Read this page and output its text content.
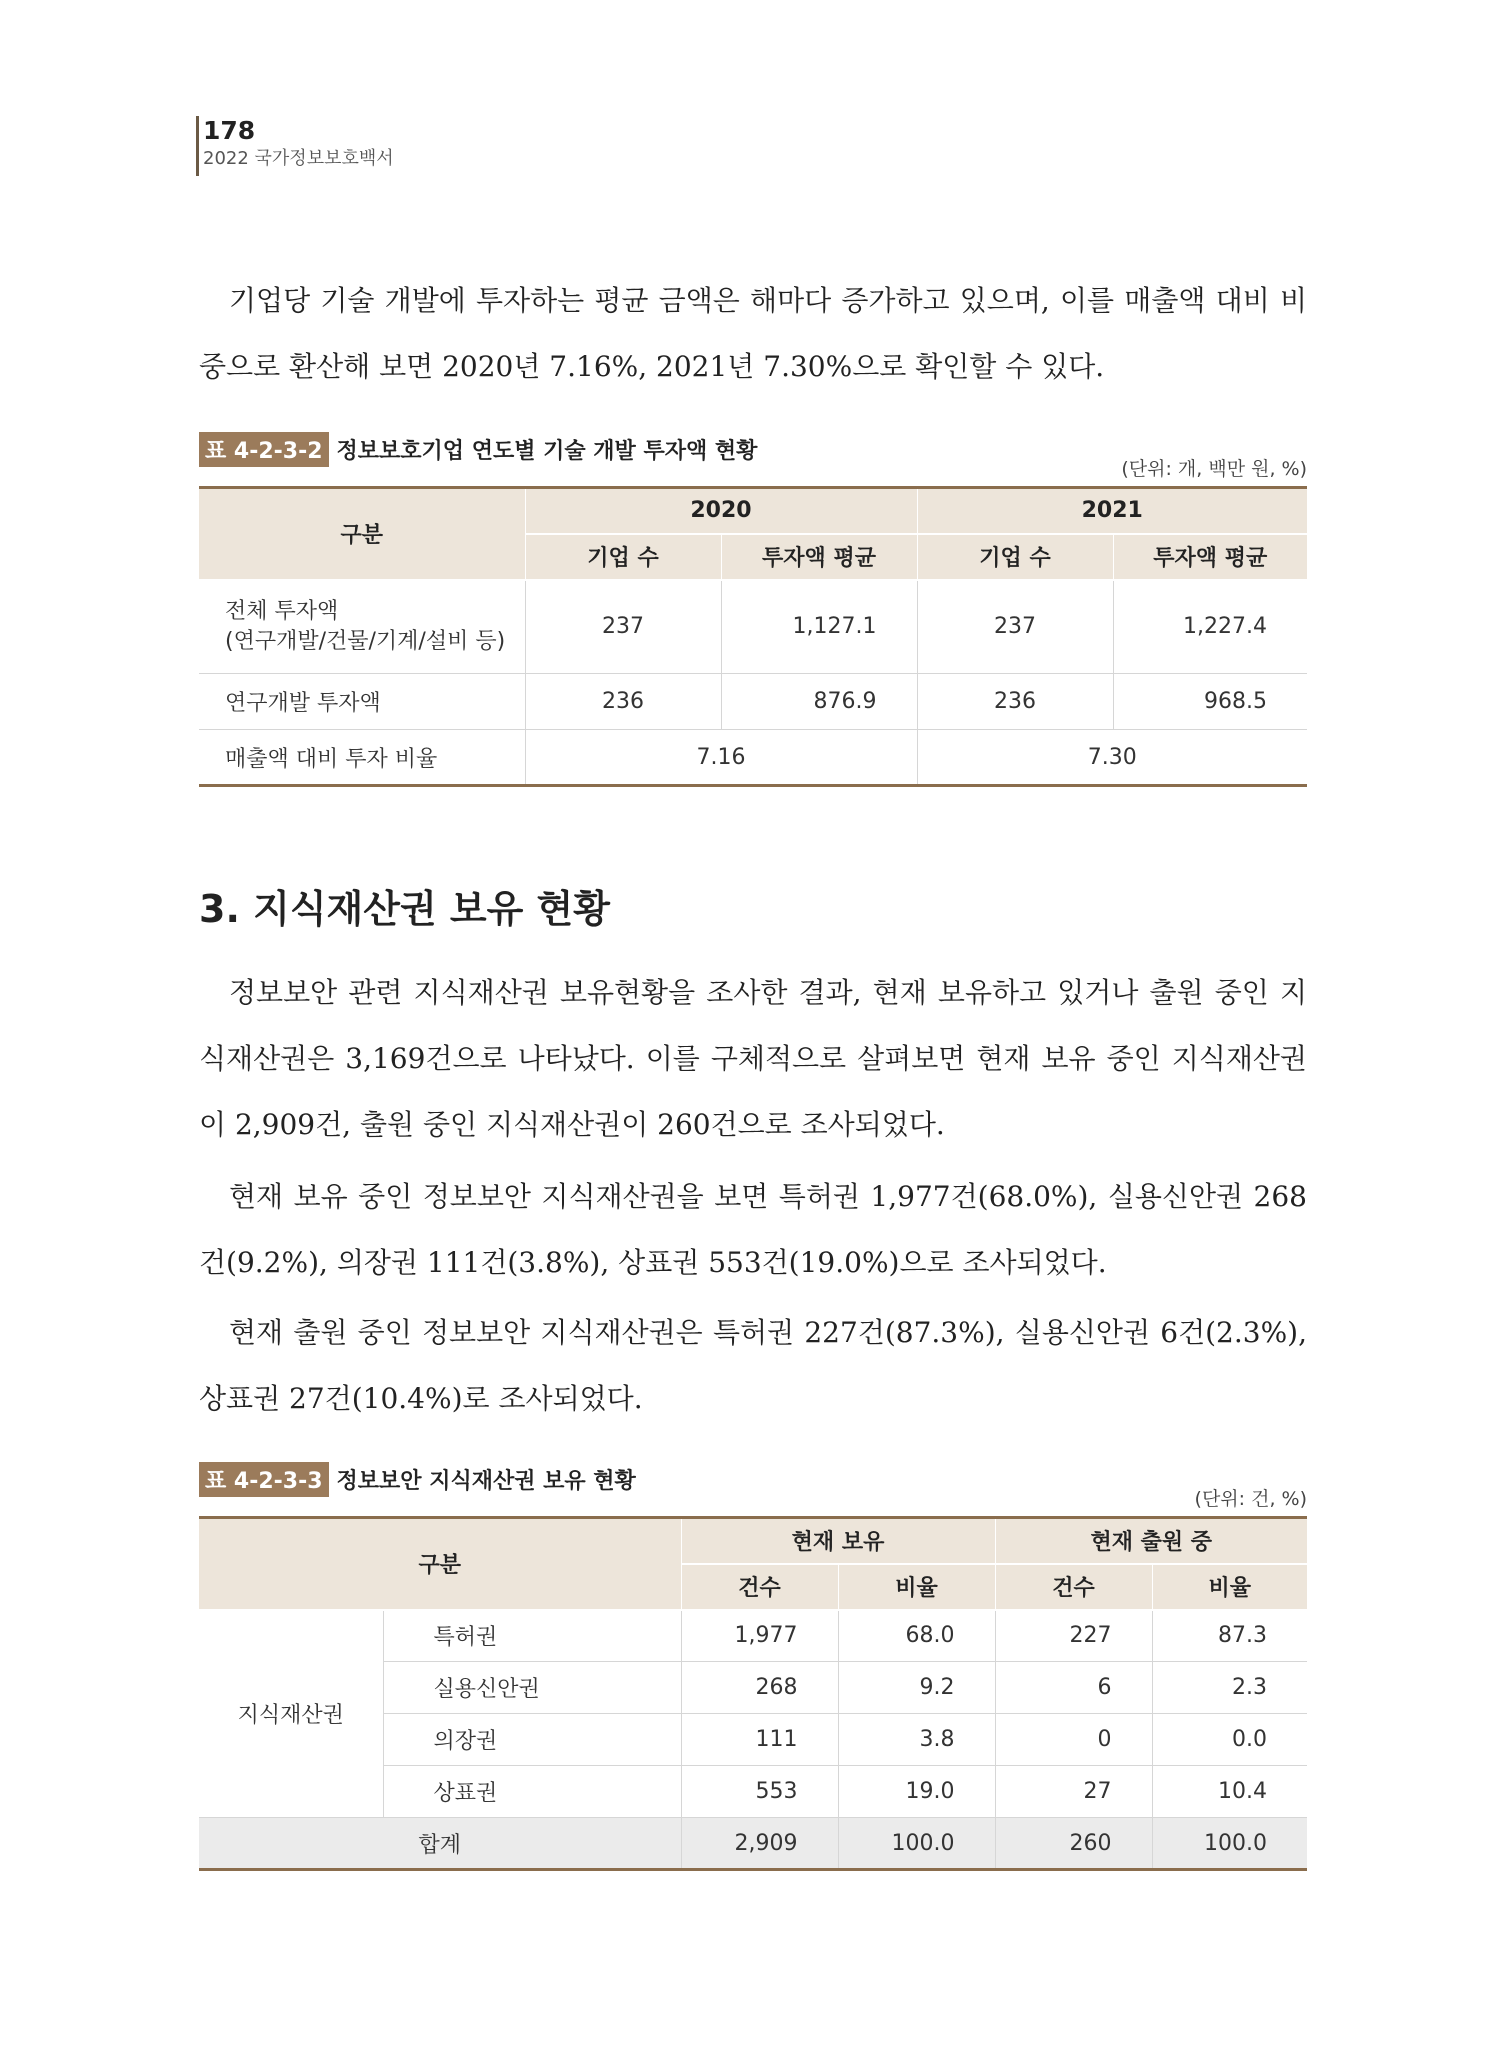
178
2022 국가정보보호백서

기업당 기술 개발에 투자하는 평균 금액은 해마다 증가하고 있으며, 이를 매출액 대비 비중으로 환산해 보면 2020년 7.16%, 2021년 7.30%으로 확인할 수 있다.

표 4-2-3-2 정보보호기업 연도별 기술 개발 투자액 현황
(단위: 개, 백만 원, %)
구분	2020		2021	
	기업 수	투자액 평균	기업 수	투자액 평균
전체 투자액
(연구개발/건물/기계/설비 등)	237	1,127.1	237	1,227.4
연구개발 투자액	236	876.9	236	968.5
매출액 대비 투자 비율	7.16		7.30	
3. 지식재산권 보유 현황

정보보안 관련 지식재산권 보유현황을 조사한 결과, 현재 보유하고 있거나 출원 중인 지식재산권은 3,169건으로 나타났다. 이를 구체적으로 살펴보면 현재 보유 중인 지식재산권이 2,909건, 출원 중인 지식재산권이 260건으로 조사되었다.

현재 보유 중인 정보보안 지식재산권을 보면 특허권 1,977건(68.0%), 실용신안권 268건(9.2%), 의장권 111건(3.8%), 상표권 553건(19.0%)으로 조사되었다.

현재 출원 중인 정보보안 지식재산권은 특허권 227건(87.3%), 실용신안권 6건(2.3%), 상표권 27건(10.4%)로 조사되었다.

표 4-2-3-3 정보보안 지식재산권 보유 현황
(단위: 건, %)
구분		현재 보유		현재 출원 중	
		건수	비율	건수	비율
지식재산권	특허권	1,977	68.0	227	87.3
	실용신안권	268	9.2	6	2.3
	의장권	111	3.8	0	0.0
	상표권	553	19.0	27	10.4
합계		2,909	100.0	260	100.0
